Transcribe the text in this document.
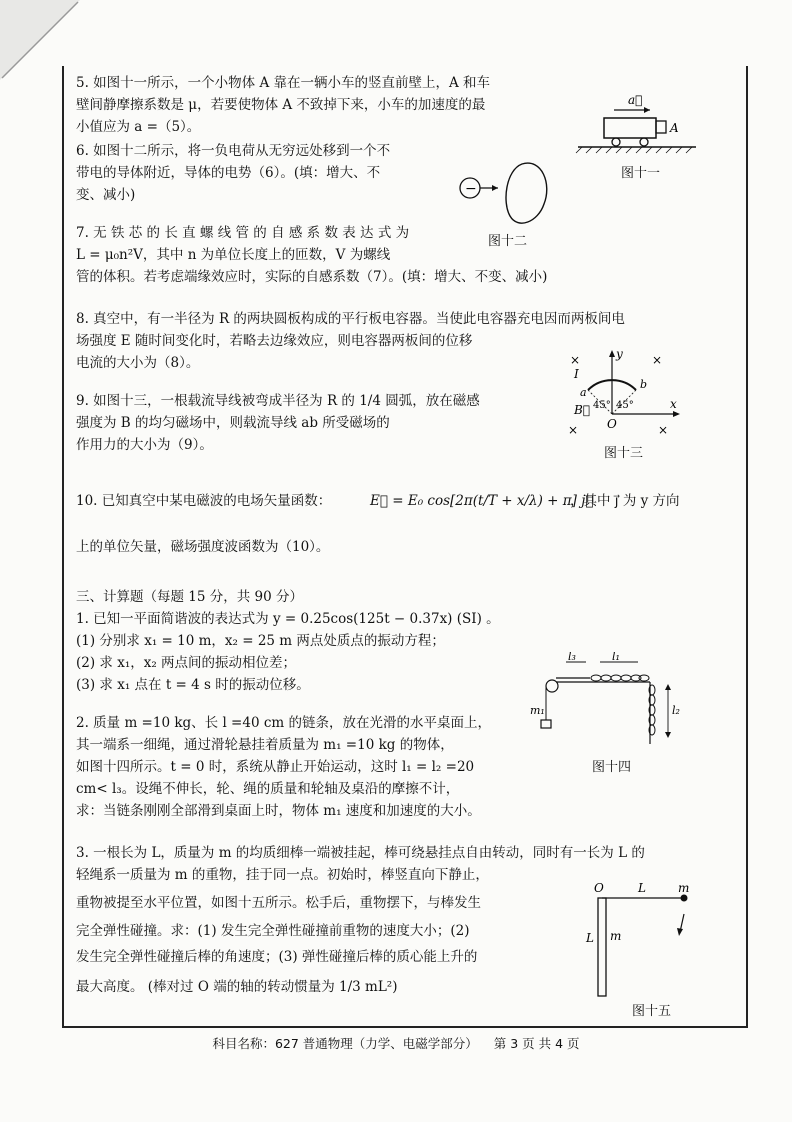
5. 如图十一所示，一个小物体 A 靠在一辆小车的竖直前壁上，A 和车

壁间静摩擦系数是 μ，若要使物体 A 不致掉下来，小车的加速度的最

小值应为 a =（5）。

a⃗
A
图十一

6. 如图十二所示，将一负电荷从无穷远处移到一个不

带电的导体附近，导体的电势（6）。(填：增大、不

变、减小)	−
图十二

7. 无 铁 芯 的 长 直 螺 线 管 的 自 感 系 数 表 达 式 为

L = μ₀n²V，其中 n 为单位长度上的匝数，V 为螺线

管的体积。若考虑端缘效应时，实际的自感系数（7）。(填：增大、不变、减小)

8. 真空中，有一半径为 R 的两块圆板构成的平行板电容器。当使此电容器充电因而两板间电

场强度 E 随时间变化时，若略去边缘效应，则电容器两板间的位移

电流的大小为（8）。

9. 如图十三，一根载流导线被弯成半径为 R 的 1/4 圆弧，放在磁感

强度为 B 的均匀磁场中，则载流导线 ab 所受磁场的

作用力的大小为（9）。

×	×
×	×
y
x
I
a
b
B⃗ 45° 45°
O
图十三

10. 已知真空中某电磁波的电场矢量函数：	E⃗ = E₀ cos[2π(t/T + x/λ) + π] j⃗

，其中 j⃗ 为 y 方向

上的单位矢量，磁场强度波函数为（10）。

三、计算题（每题 15 分，共 90 分）

1. 已知一平面简谐波的表达式为 y = 0.25cos(125t − 0.37x) (SI) 。

(1) 分别求 x₁ = 10 m，x₂ = 25 m 两点处质点的振动方程；

(2) 求 x₁，x₂ 两点间的振动相位差；

(3) 求 x₁ 点在 t = 4 s 时的振动位移。

l₃	l₁
m₁	l₂
图十四

2. 质量 m =10 kg、长 l =40 cm 的链条，放在光滑的水平桌面上，

其一端系一细绳，通过滑轮悬挂着质量为 m₁ =10 kg 的物体，

如图十四所示。t = 0 时，系统从静止开始运动，这时 l₁ = l₂ =20

cm< l₃。设绳不伸长，轮、绳的质量和轮轴及桌沿的摩擦不计，

求：当链条刚刚全部滑到桌面上时，物体 m₁ 速度和加速度的大小。

3. 一根长为 L，质量为 m 的均质细棒一端被挂起，棒可绕悬挂点自由转动，同时有一长为 L 的

轻绳系一质量为 m 的重物，挂于同一点。初始时，棒竖直向下静止，

重物被提至水平位置，如图十五所示。松手后，重物摆下，与棒发生

完全弹性碰撞。求：(1) 发生完全弹性碰撞前重物的速度大小；(2)

发生完全弹性碰撞后棒的角速度；(3) 弹性碰撞后棒的质心能上升的

最大高度。 (棒对过 O 端的轴的转动惯量为 1/3 mL²)

O	L	m
L m
图十五
科目名称：627 普通物理（力学、电磁学部分） 第 3 页 共 4 页
